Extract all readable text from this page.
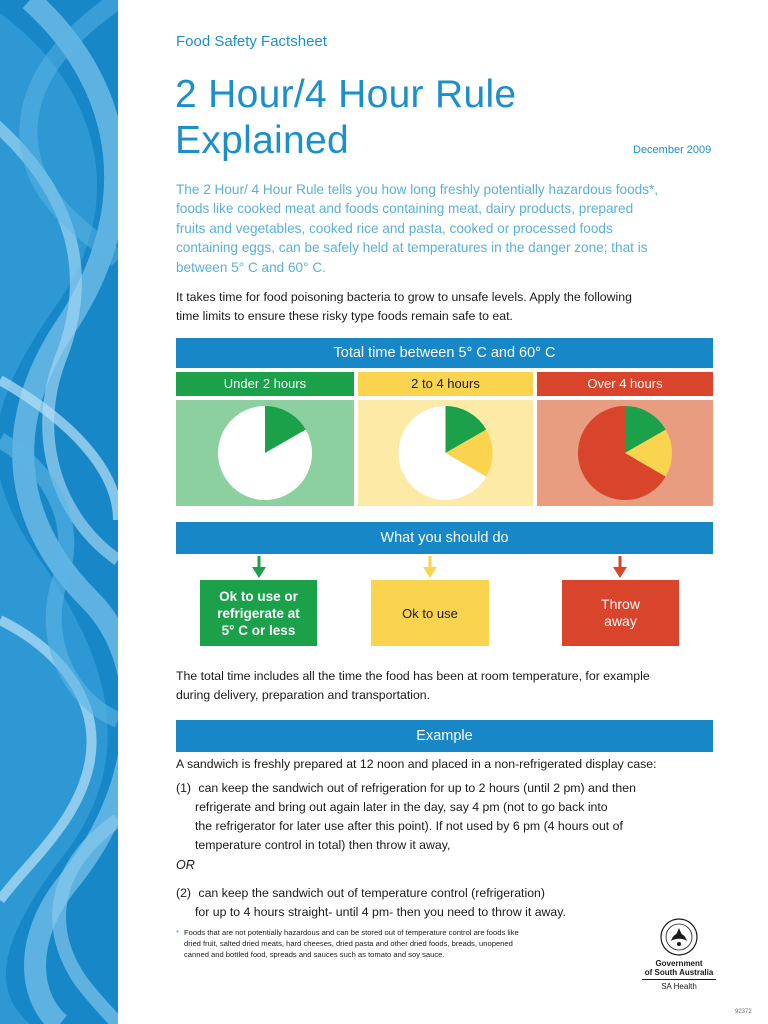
Food Safety Factsheet
2 Hour/4 Hour Rule
Explained	December 2009
The 2 Hour/ 4 Hour Rule tells you how long freshly potentially hazardous foods*,
foods like cooked meat and foods containing meat, dairy products, prepared
fruits and vegetables, cooked rice and pasta, cooked or processed foods
containing eggs, can be safely held at temperatures in the danger zone; that is
between 5° C and 60° C.
It takes time for food poisoning bacteria to grow to unsafe levels. Apply the following
time limits to ensure these risky type foods remain safe to eat.
Total time between 5° C and 60° C
Under 2 hours	2 to 4 hours	Over 4 hours
What you should do
Ok to use or
refrigerate at
5° C or less
Ok to use
Throw
away
The total time includes all the time the food has been at room temperature, for example
during delivery, preparation and transportation.
Example
A sandwich is freshly prepared at 12 noon and placed in a non-refrigerated display case:
(1) can keep the sandwich out of refrigeration for up to 2 hours (until 2 pm) and then
refrigerate and bring out again later in the day, say 4 pm (not to go back into
the refrigerator for later use after this point). If not used by 6 pm (4 hours out of
temperature control in total) then throw it away,
OR
(2) can keep the sandwich out of temperature control (refrigeration)
for up to 4 hours straight- until 4 pm- then you need to throw it away.
* Foods that are not potentially hazardous and can be stored out of temperature control are foods like
dried fruit, salted dried meats, hard cheeses, dried pasta and other dried foods, breads, unopened
canned and bottled food, spreads and sauces such as tomato and soy sauce.
Government
of South Australia
SA Health
92372
